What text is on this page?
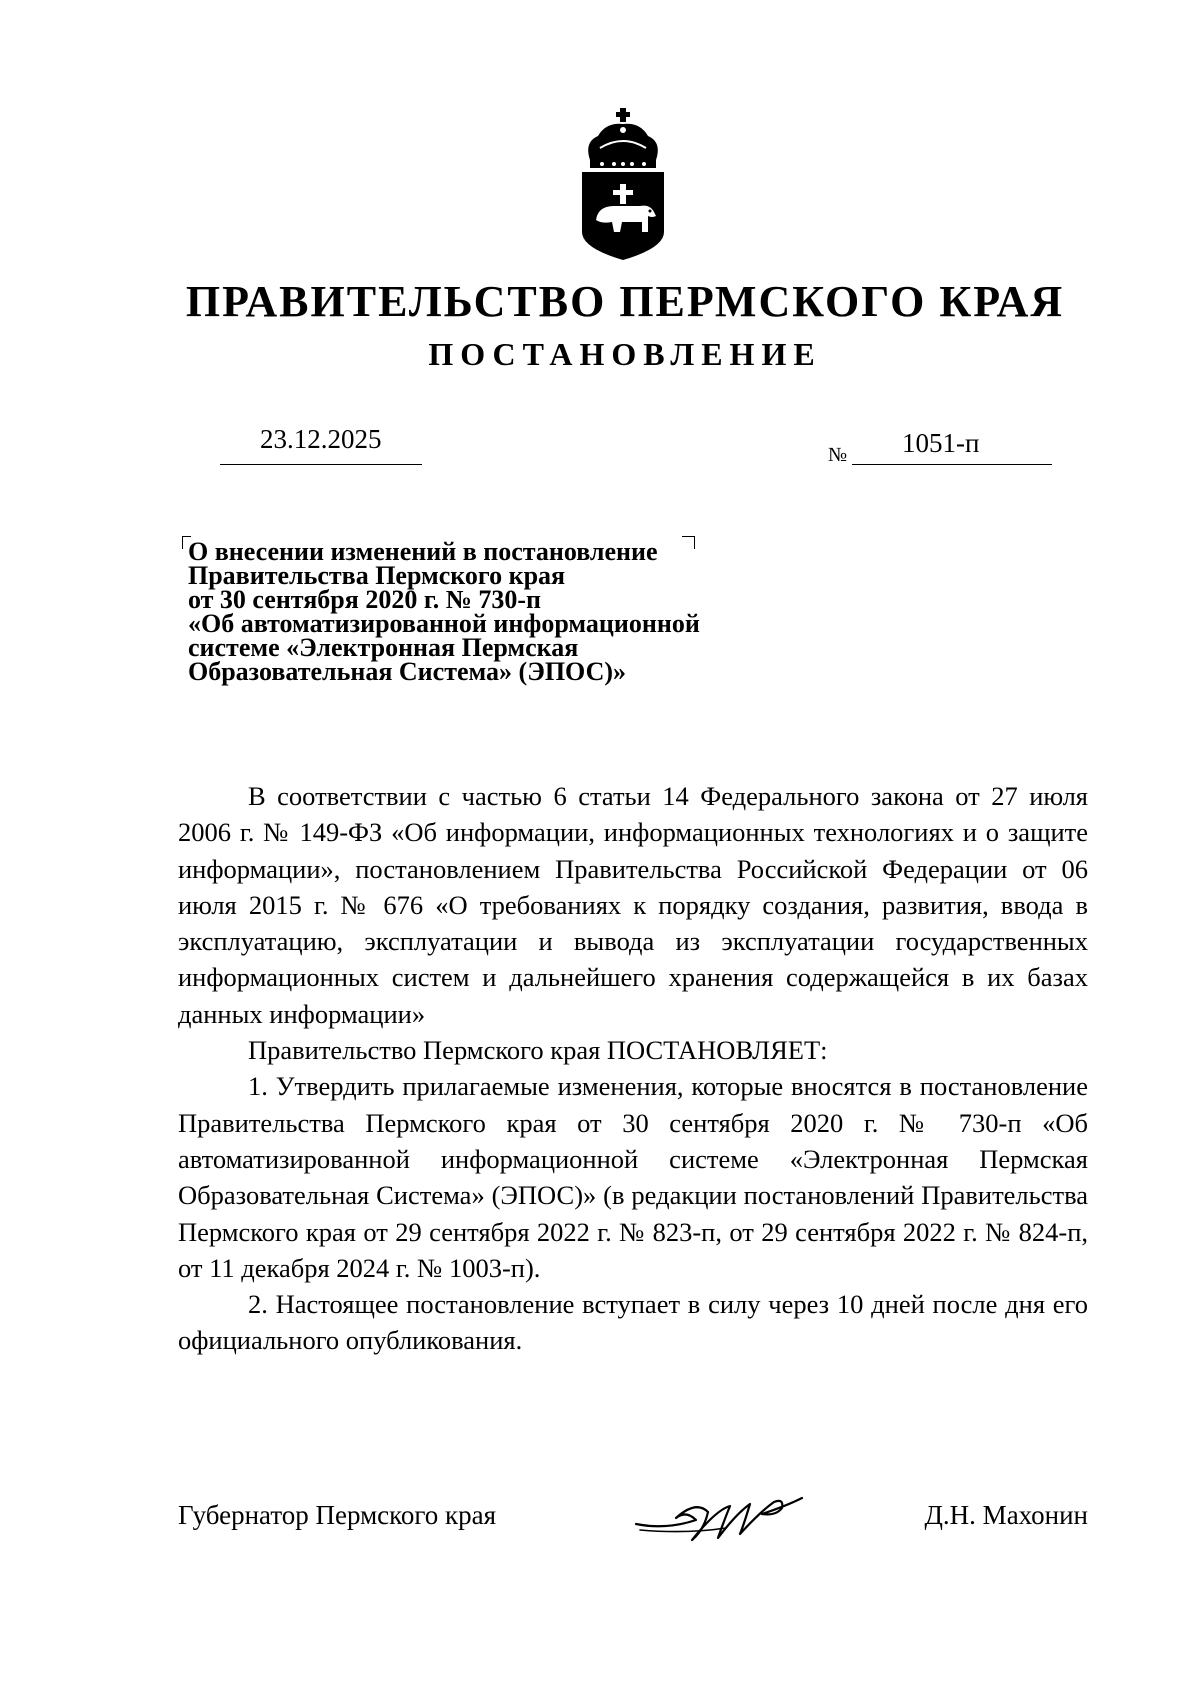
ПРАВИТЕЛЬСТВО ПЕРМСКОГО КРАЯ
ПОСТАНОВЛЕНИЕ
23.12.2025
№ 1051-п
О внесении изменений в постановление
Правительства Пермского края
от 30 сентября 2020 г. № 730-п
«Об автоматизированной информационной
системе «Электронная Пермская
Образовательная Система» (ЭПОС)»

В соответствии с частью 6 статьи 14 Федерального закона от 27 июля 2006 г. № 149-ФЗ «Об информации, информационных технологиях и о защите информации», постановлением Правительства Российской Федерации от 06 июля 2015 г. № 676 «О требованиях к порядку создания, развития, ввода в эксплуатацию, эксплуатации и вывода из эксплуатации государственных информационных систем и дальнейшего хранения содержащейся в их базах данных информации»

Правительство Пермского края ПОСТАНОВЛЯЕТ:

1. Утвердить прилагаемые изменения, которые вносятся в постановление Правительства Пермского края от 30 сентября 2020 г. № 730-п «Об автоматизированной информационной системе «Электронная Пермская Образовательная Система» (ЭПОС)» (в редакции постановлений Правительства Пермского края от 29 сентября 2022 г. № 823-п, от 29 сентября 2022 г. № 824-п, от 11 декабря 2024 г. № 1003-п).

2. Настоящее постановление вступает в силу через 10 дней после дня его официального опубликования.

Губернатор Пермского края	Д.Н. Махонин
